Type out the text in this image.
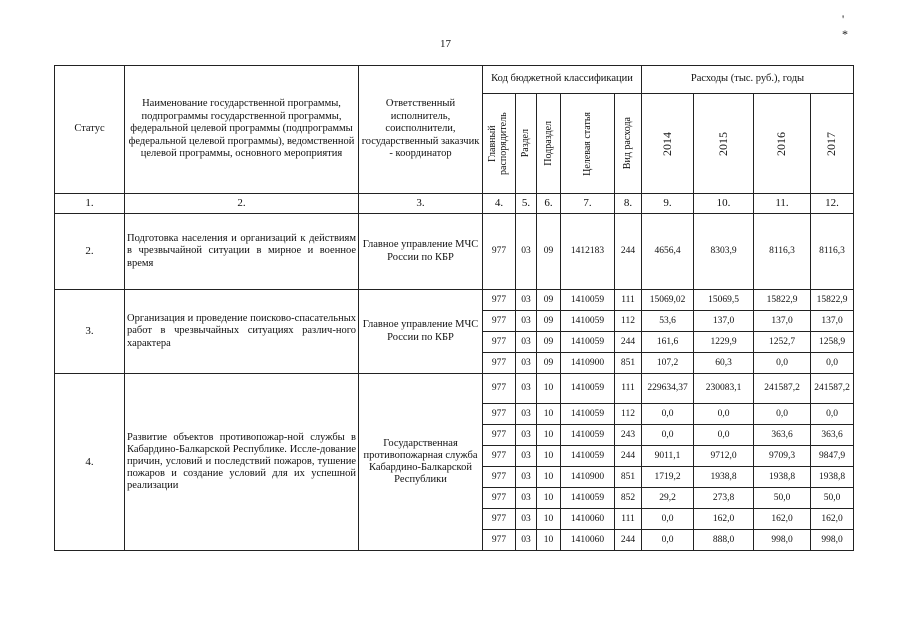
17
' *
Статус	Наименование государственной программы, подпрограммы государственной программы, федеральной целевой программы (подпрограммы федеральной целевой программы), ведомственной целевой программы, основного мероприятия	Ответственный исполнитель, соисполнители, государственный заказчик - координатор	Код бюджетной классификации					Расходы (тыс. руб.), годы			

			Главный распорядитель	Раздел	Подраздел	Целевая статья	Вид расхода	2014	2015	2016	2017

1.	2.	3.	4.	5.	6.	7.	8.	9.	10.	11.	12.
2.	Подготовка населения и организаций к действиям в чрезвычайной ситуации в мирное и военное время	Главное управление МЧС России по КБР	977	03	09	1412183	244	4656,4	8303,9	8116,3	8116,3
3.	Организация и проведение поисково-спасательных работ в чрезвычайных ситуациях различ-ного характера	Главное управление МЧС России по КБР	977	03	09	1410059	111	15069,02	15069,5	15822,9	15822,9
			977	03	09	1410059	112	53,6	137,0	137,0	137,0
			977	03	09	1410059	244	161,6	1229,9	1252,7	1258,9
			977	03	09	1410900	851	107,2	60,3	0,0	0,0
4.	Развитие объектов противопожар-ной службы в Кабардино-Балкарской Республике. Иссле-дование причин, условий и последствий пожаров, тушение пожаров и создание условий для их успешной реализации	Государственная противопожарная служба Кабардино-Балкарской Республики	977	03	10	1410059	111	229634,37	230083,1	241587,2	241587,2
			977	03	10	1410059	112	0,0	0,0	0,0	0,0
			977	03	10	1410059	243	0,0	0,0	363,6	363,6
			977	03	10	1410059	244	9011,1	9712,0	9709,3	9847,9
			977	03	10	1410900	851	1719,2	1938,8	1938,8	1938,8
			977	03	10	1410059	852	29,2	273,8	50,0	50,0
			977	03	10	1410060	111	0,0	162,0	162,0	162,0
			977	03	10	1410060	244	0,0	888,0	998,0	998,0
